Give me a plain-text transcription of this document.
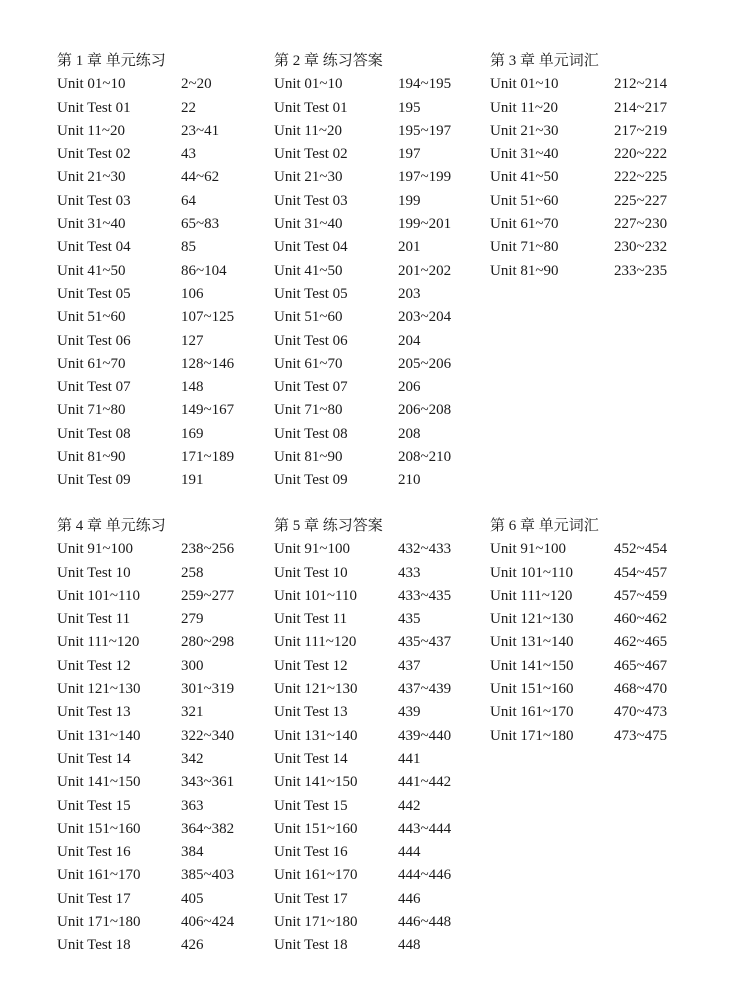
第 1 章 单元练习
Unit 01~10	2~20
Unit Test 01	22
Unit 11~20	23~41
Unit Test 02	43
Unit 21~30	44~62
Unit Test 03	64
Unit 31~40	65~83
Unit Test 04	85
Unit 41~50	86~104
Unit Test 05	106
Unit 51~60	107~125
Unit Test 06	127
Unit 61~70	128~146
Unit Test 07	148
Unit 71~80	149~167
Unit Test 08	169
Unit 81~90	171~189
Unit Test 09	191
第 2 章 练习答案
Unit 01~10	194~195
Unit Test 01	195
Unit 11~20	195~197
Unit Test 02	197
Unit 21~30	197~199
Unit Test 03	199
Unit 31~40	199~201
Unit Test 04	201
Unit 41~50	201~202
Unit Test 05	203
Unit 51~60	203~204
Unit Test 06	204
Unit 61~70	205~206
Unit Test 07	206
Unit 71~80	206~208
Unit Test 08	208
Unit 81~90	208~210
Unit Test 09	210
第 3 章 单元词汇
Unit 01~10	212~214
Unit 11~20	214~217
Unit 21~30	217~219
Unit 31~40	220~222
Unit 41~50	222~225
Unit 51~60	225~227
Unit 61~70	227~230
Unit 71~80	230~232
Unit 81~90	233~235
第 4 章 单元练习
Unit 91~100	238~256
Unit Test 10	258
Unit 101~110	259~277
Unit Test 11	279
Unit 111~120	280~298
Unit Test 12	300
Unit 121~130	301~319
Unit Test 13	321
Unit 131~140	322~340
Unit Test 14	342
Unit 141~150	343~361
Unit Test 15	363
Unit 151~160	364~382
Unit Test 16	384
Unit 161~170	385~403
Unit Test 17	405
Unit 171~180	406~424
Unit Test 18	426
第 5 章 练习答案
Unit 91~100	432~433
Unit Test 10	433
Unit 101~110	433~435
Unit Test 11	435
Unit 111~120	435~437
Unit Test 12	437
Unit 121~130	437~439
Unit Test 13	439
Unit 131~140	439~440
Unit Test 14	441
Unit 141~150	441~442
Unit Test 15	442
Unit 151~160	443~444
Unit Test 16	444
Unit 161~170	444~446
Unit Test 17	446
Unit 171~180	446~448
Unit Test 18	448
第 6 章 单元词汇
Unit 91~100	452~454
Unit 101~110	454~457
Unit 111~120	457~459
Unit 121~130	460~462
Unit 131~140	462~465
Unit 141~150	465~467
Unit 151~160	468~470
Unit 161~170	470~473
Unit 171~180	473~475
